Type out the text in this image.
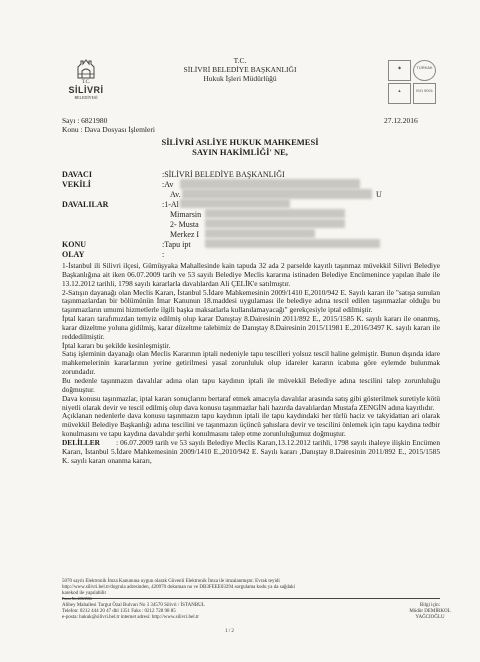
T.C.
SİLİVRİ
BELEDİYESİ
T.C.
SİLİVRİ BELEDİYE BAŞKANLIĞI
Hukuk İşleri Müdürlüğü
◆	TÜRKAK
▲	ISO 9001
Sayı : 6821980	27.12.2016
Konu : Dava Dosyası İşlemleri
SİLİVRİ ASLİYE HUKUK MAHKEMESİ
SAYIN HAKİMLİĞİ' NE,
DAVACI	:SİLİVRİ BELEDİYE BAŞKANLIĞI
VEKİLİ	:Av
Av.	U
DAVALILAR	:1-Al
Mimarsin
2- Musta
Merkez I
KONU	:Tapu ipt
OLAY	:

1-İstanbul ili Silivri ilçesi, Gümüşyaka Mahallesinde kain tapuda 32 ada 2 parselde kayıtlı taşınmaz müvekkil Silivri Belediye Başkanlığına ait iken 06.07.2009 tarih ve 53 sayılı Belediye Meclis kararına istinaden Belediye Encümenince yapılan ihale ile 13.12.2012 tarihli, 1798 sayılı kararlarla davalılardan Ali ÇELİK'e satılmıştır.

2-Satışın dayanağı olan Meclis Kararı, İstanbul 5.İdare Mahkemesinin 2009/1410 E,2010/942 E. Sayılı kararı ile "satışa sunulan taşınmazlardan bir bölümünün İmar Kanunun 18.maddesi uygulaması ile belediye adına tescil edilen taşınmazlar olduğu bu taşınmazların umumi hizmetlerle ilgili başka maksatlarla kullanılamayacağı" gerekçesiyle iptal edilmiştir.

İptal kararı tarafımızdan temyiz edilmiş olup karar Danıştay 8.Dairesinin 2011/892 E., 2015/1585 K. sayılı kararı ile onanmış, karar düzeltme yoluna gidilmiş, karar düzeltme talebimiz de Danıştay 8.Dairesinin 2015/11981 E.,2016/3497 K. sayılı kararı ile reddedilmiştir.

İptal kararı bu şekilde kesinleşmiştir.

Satış işleminin dayanağı olan Meclis Kararının iptali nedeniyle tapu tescilleri yolsuz tescil haline gelmiştir. Bunun dışında idare mahkemelerinin kararlarının yerine getirilmesi yasal zorunluluk olup idareler kararın icabına göre eylemde bulunmak zorundadır.

Bu nedenle taşınmazın davalılar adına olan tapu kaydının iptali ile müvekkil Belediye adına tescilini talep zorunluluğu doğmuştur.

Dava konusu taşınmazlar, iptal kararı sonuçlarını bertaraf etmek amacıyla davalılar arasında satış gibi gösterilmek suretiyle kötü niyetli olarak devir ve tescil edilmiş olup dava konusu taşınmazlar hali hazırda davalılardan Mustafa ZENGİN adına kayıtlıdır.

Açıklanan nedenlerle dava konusu taşınmazın tapu kaydının iptali ile tapu kaydındaki her türlü haciz ve takyidattan ari olarak müvekkil Belediye Başkanlığı adına tescilini ve taşınmazın üçüncü şahıslara devir ve tescilini önlemek için tapu kaydına tedbir konulmasını ve tapu kaydına davalıdır şerhi konulmasını talep etme zorunluluğumuz doğmuştur.

DELİLLER : 06.07.2009 tarih ve 53 sayılı Belediye Meclis Kararı,13.12.2012 tarihli, 1798 sayılı ihaleye ilişkin Encümen Kararı, İstanbul 5.İdare Mahkemesinin 2009/1410 E.,2010/942 E. Sayılı kararı ,Danıştay 8.Dairesinin 2011/892 E., 2015/1585 K. sayılı kararı onanma kararı,

5070 sayılı Elektronik İmza Kanununa uygun olarak Güvenli Elektronik İmza ile imzalanmıştır. Evrak teyidi
http://www.silivri.bel.tr/dogrula adresinden, 420970 dokuman no ve DB3FEEE03294 sorgulama kodu ya da sağdaki
karekod ile yapılabilir
Form No:2063584
Alibey Mahallesi Turgut Özal Bulvarı No 3 34570 Silivri / İSTANBUL
Telefon: 0212 444 20 47 dhl 1351 Faks : 0212 728 98 85
e-posta: hukuk@silivri.bel.tr internet adresi: http://www.silivri.bel.tr
Bilgi için:
Müdür DEMİRKOL
YAĞCIOĞLU
1 / 2
